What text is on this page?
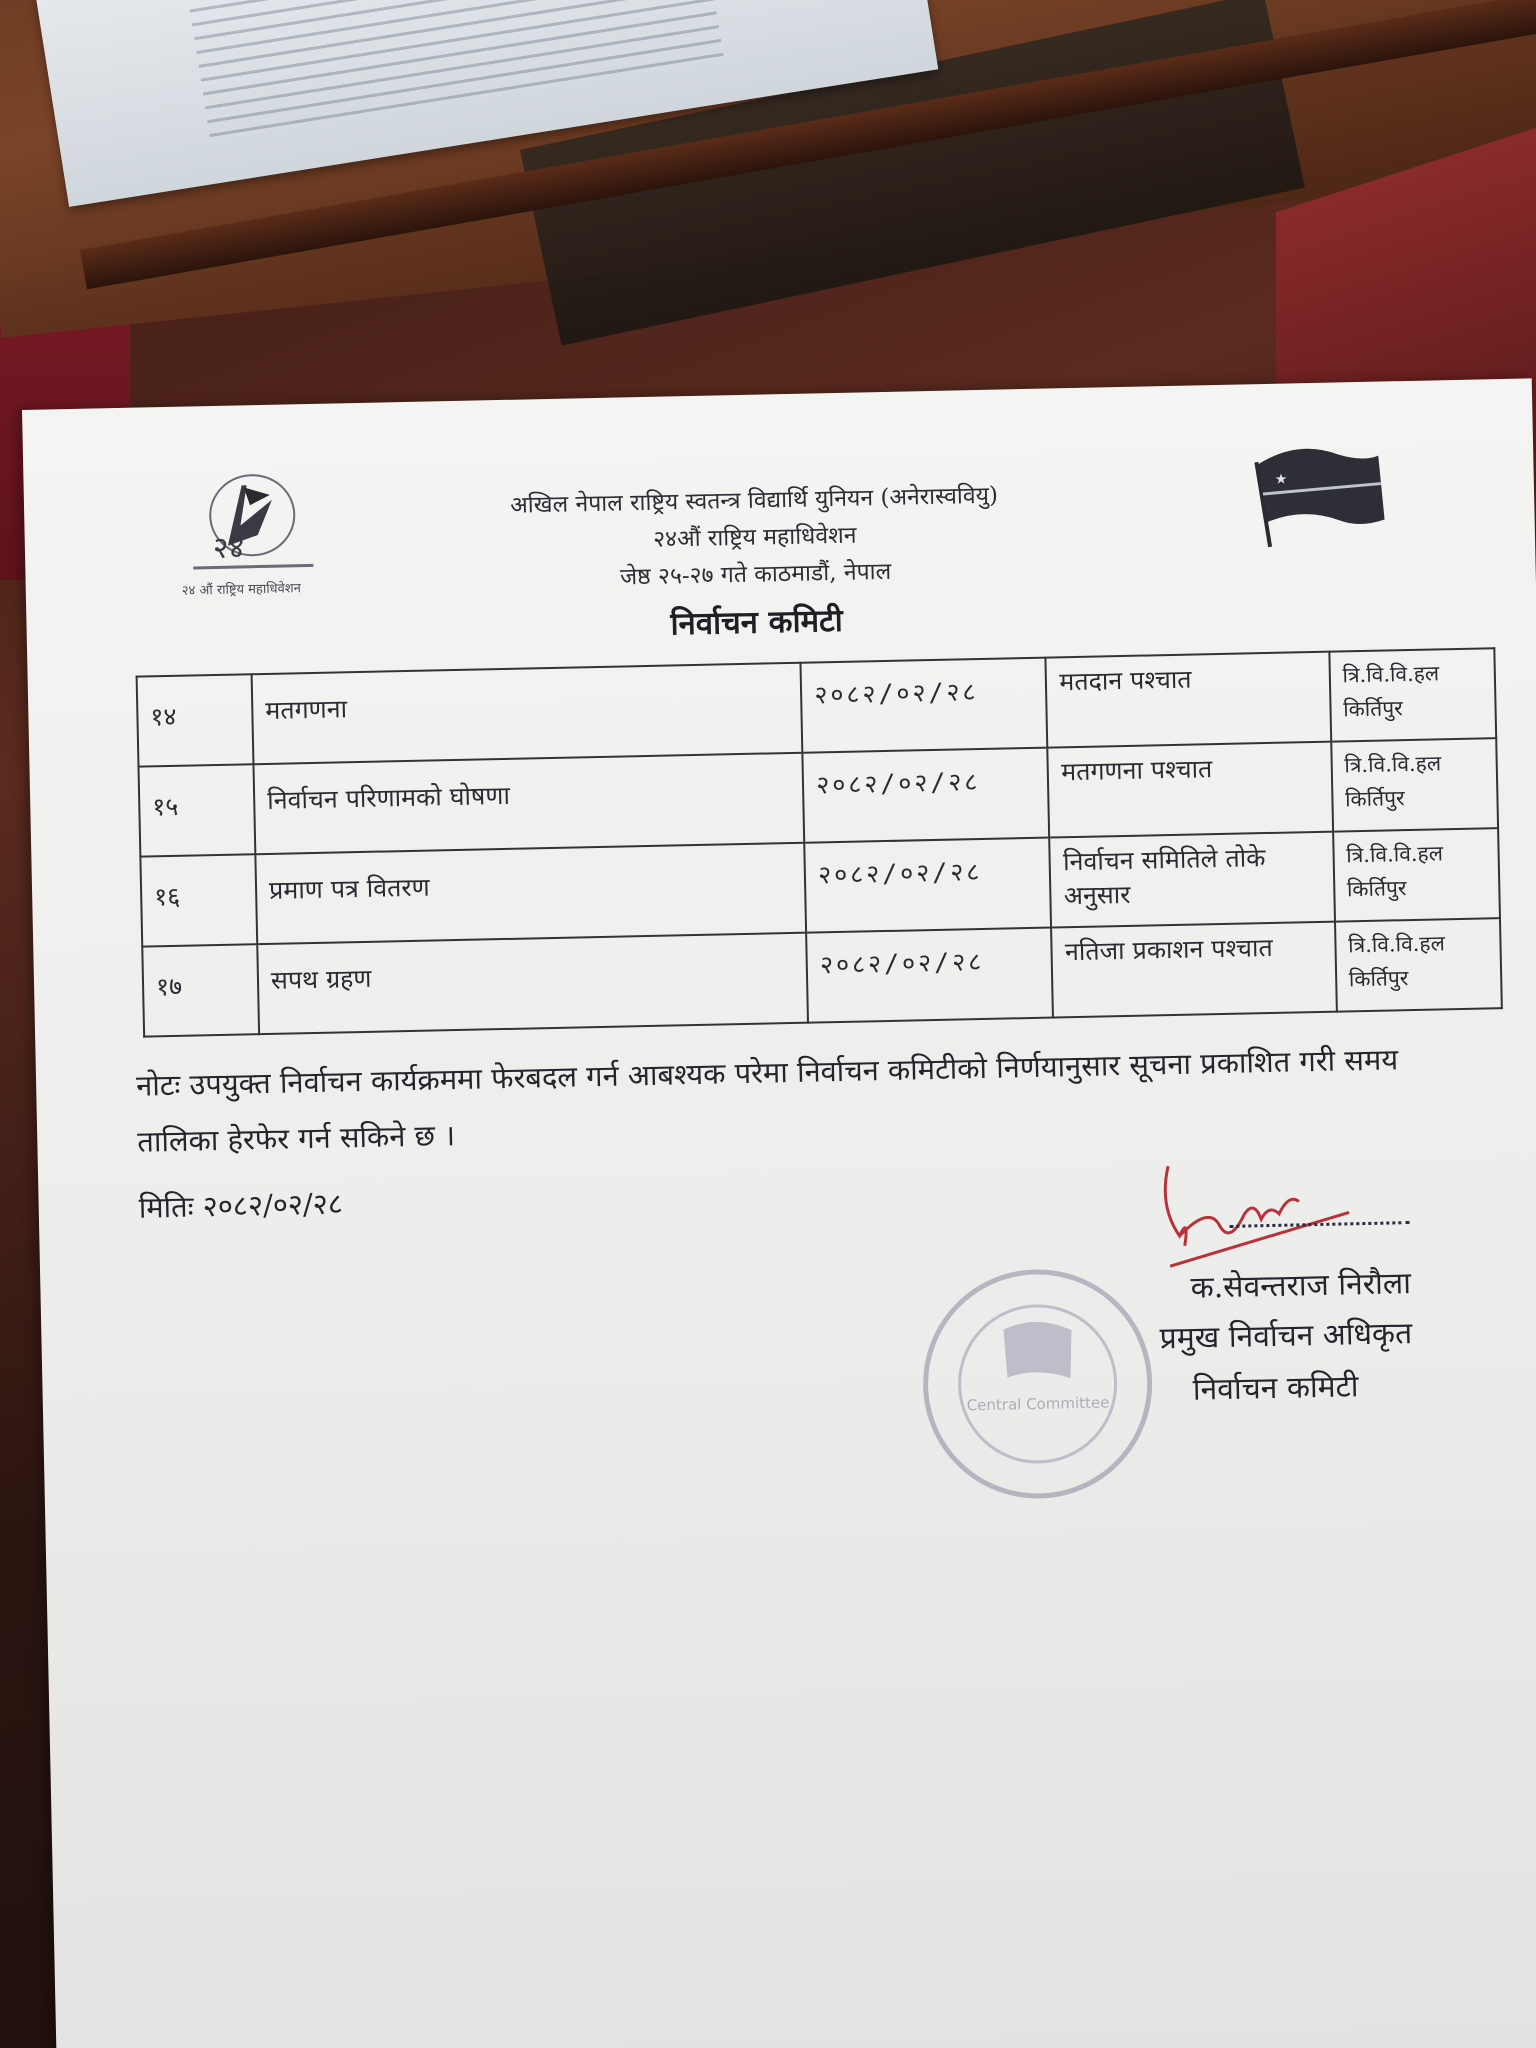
२४
२४ औं राष्ट्रिय महाधिवेशन
★
अखिल नेपाल राष्ट्रिय स्वतन्त्र विद्यार्थि युनियन (अनेरास्ववियु)
२४औं राष्ट्रिय महाधिवेशन
जेष्ठ २५-२७ गते काठमाडौं, नेपाल
निर्वाचन कमिटी
१४	मतगणना	२०८२/०२/२८	मतदान पश्चात	त्रि.वि.वि.हल किर्तिपुर
१५	निर्वाचन परिणामको घोषणा	२०८२/०२/२८	मतगणना पश्चात	त्रि.वि.वि.हल किर्तिपुर
१६	प्रमाण पत्र वितरण	२०८२/०२/२८	निर्वाचन समितिले तोके अनुसार	त्रि.वि.वि.हल किर्तिपुर
१७	सपथ ग्रहण	२०८२/०२/२८	नतिजा प्रकाशन पश्चात	त्रि.वि.वि.हल किर्तिपुर
नोटः उपयुक्त निर्वाचन कार्यक्रममा फेरबदल गर्न आबश्यक परेमा निर्वाचन कमिटीको निर्णयानुसार सूचना प्रकाशित गरी समय तालिका हेरफेर गर्न सकिने छ ।
मितिः २०८२/०२/२८
Central Committee
क.सेवन्तराज निरौला
प्रमुख निर्वाचन अधिकृत
निर्वाचन कमिटी
